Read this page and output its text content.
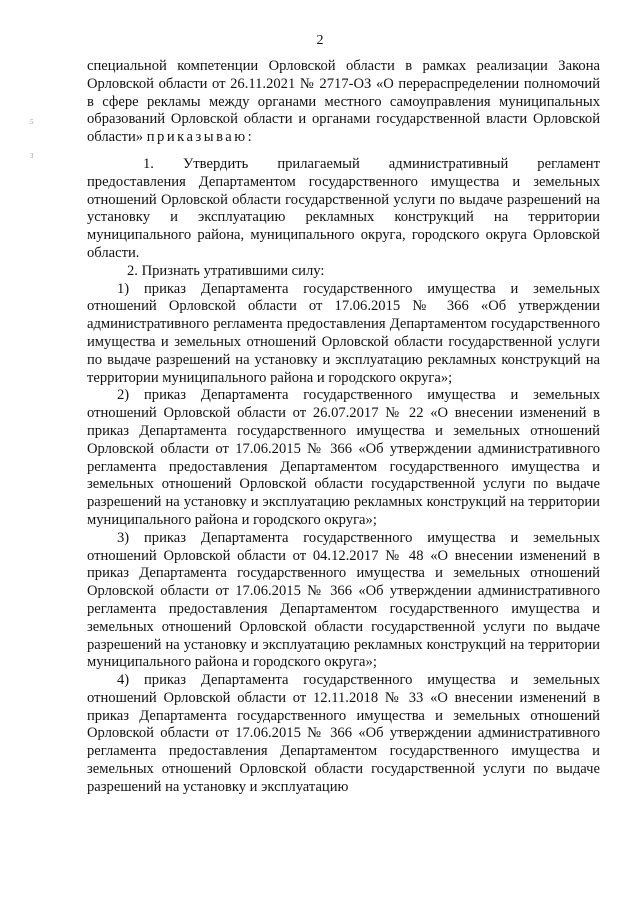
2
5
3

специальной компетенции Орловской области в рамках реализации Закона Орловской области от 26.11.2021 № 2717-ОЗ «О перераспределении полномочий в сфере рекламы между органами местного самоуправления муниципальных образований Орловской области и органами государственной власти Орловской области» приказываю:

1. Утвердить прилагаемый административный регламент предоставления Департаментом государственного имущества и земельных отношений Орловской области государственной услуги по выдаче разрешений на установку и эксплуатацию рекламных конструкций на территории муниципального района, муниципального округа, городского округа Орловской области.

2. Признать утратившими силу:

1) приказ Департамента государственного имущества и земельных отношений Орловской области от 17.06.2015 № 366 «Об утверждении административного регламента предоставления Департаментом государственного имущества и земельных отношений Орловской области государственной услуги по выдаче разрешений на установку и эксплуатацию рекламных конструкций на территории муниципального района и городского округа»;

2) приказ Департамента государственного имущества и земельных отношений Орловской области от 26.07.2017 № 22 «О внесении изменений в приказ Департамента государственного имущества и земельных отношений Орловской области от 17.06.2015 № 366 «Об утверждении административного регламента предоставления Департаментом государственного имущества и земельных отношений Орловской области государственной услуги по выдаче разрешений на установку и эксплуатацию рекламных конструкций на территории муниципального района и городского округа»;

3) приказ Департамента государственного имущества и земельных отношений Орловской области от 04.12.2017 № 48 «О внесении изменений в приказ Департамента государственного имущества и земельных отношений Орловской области от 17.06.2015 № 366 «Об утверждении административного регламента предоставления Департаментом государственного имущества и земельных отношений Орловской области государственной услуги по выдаче разрешений на установку и эксплуатацию рекламных конструкций на территории муниципального района и городского округа»;

4) приказ Департамента государственного имущества и земельных отношений Орловской области от 12.11.2018 № 33 «О внесении изменений в приказ Департамента государственного имущества и земельных отношений Орловской области от 17.06.2015 № 366 «Об утверждении административного регламента предоставления Департаментом государственного имущества и земельных отношений Орловской области государственной услуги по выдаче разрешений на установку и эксплуатацию
